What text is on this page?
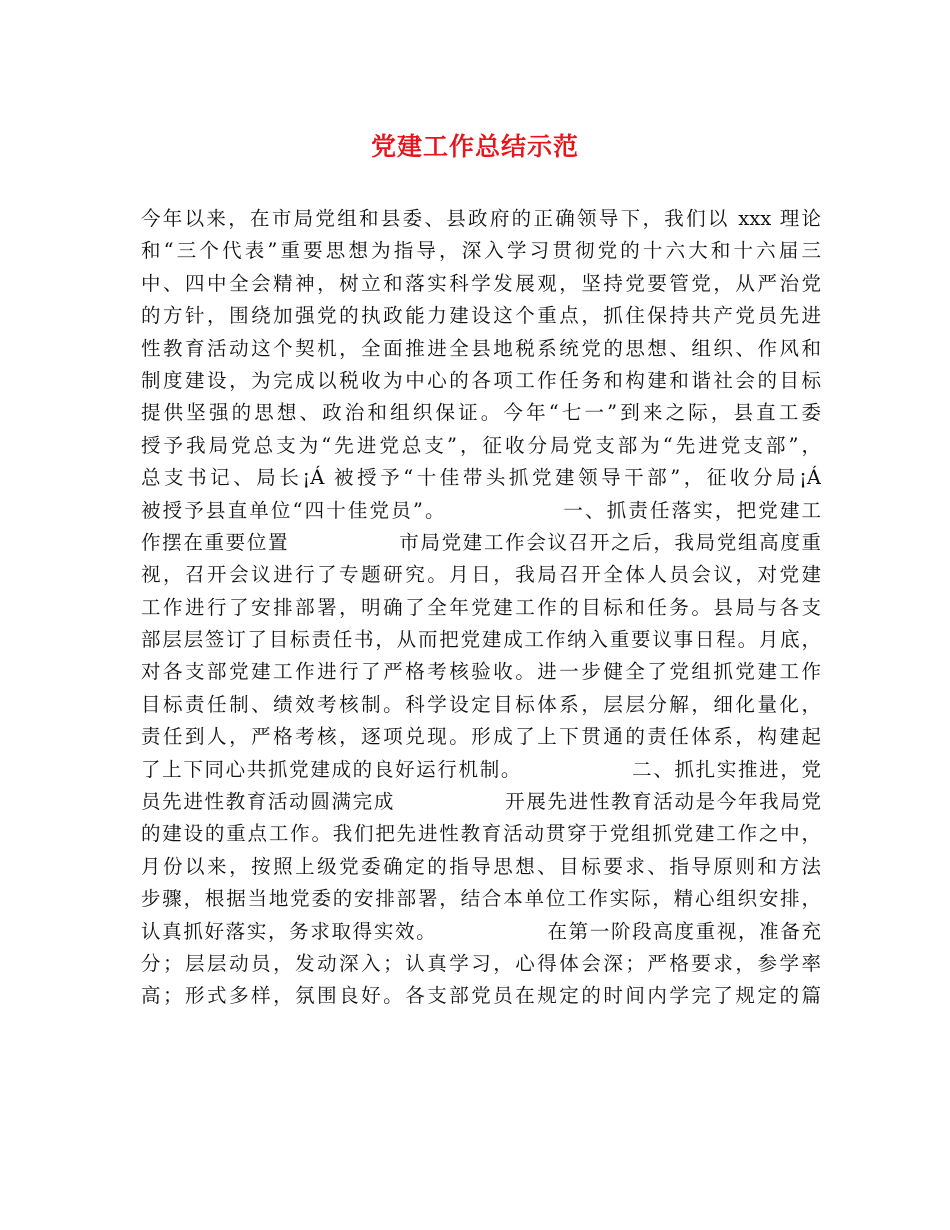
党建工作总结示范
今年以来，在市局党组和县委、县政府的正确领导下，我们以 xxx 理论
和“三个代表”重要思想为指导，深入学习贯彻党的十六大和十六届三
中、四中全会精神，树立和落实科学发展观，坚持党要管党，从严治党
的方针，围绕加强党的执政能力建设这个重点，抓住保持共产党员先进
性教育活动这个契机，全面推进全县地税系统党的思想、组织、作风和
制度建设，为完成以税收为中心的各项工作任务和构建和谐社会的目标
提供坚强的思想、政治和组织保证。今年“七一”到来之际，县直工委
授予我局党总支为“先进党总支”，征收分局党支部为“先进党支部”，
总支书记、局长¡Á 被授予“十佳带头抓党建领导干部”，征收分局¡Á
被授予县直单位“四十佳党员”。              一、抓责任落实，把党建工
作摆在重要位置              市局党建工作会议召开之后，我局党组高度重
视，召开会议进行了专题研究。月日，我局召开全体人员会议，对党建
工作进行了安排部署，明确了全年党建工作的目标和任务。县局与各支
部层层签订了目标责任书，从而把党建成工作纳入重要议事日程。月底，
对各支部党建工作进行了严格考核验收。进一步健全了党组抓党建工作
目标责任制、绩效考核制。科学设定目标体系，层层分解，细化量化，
责任到人，严格考核，逐项兑现。形成了上下贯通的责任体系，构建起
了上下同心共抓党建成的良好运行机制。              二、抓扎实推进，党
员先进性教育活动圆满完成              开展先进性教育活动是今年我局党
的建设的重点工作。我们把先进性教育活动贯穿于党组抓党建工作之中，
月份以来，按照上级党委确定的指导思想、目标要求、指导原则和方法
步骤，根据当地党委的安排部署，结合本单位工作实际，精心组织安排，
认真抓好落实，务求取得实效。              在第一阶段高度重视，准备充
分；层层动员，发动深入；认真学习，心得体会深；严格要求，参学率
高；形式多样，氛围良好。各支部党员在规定的时间内学完了规定的篇
